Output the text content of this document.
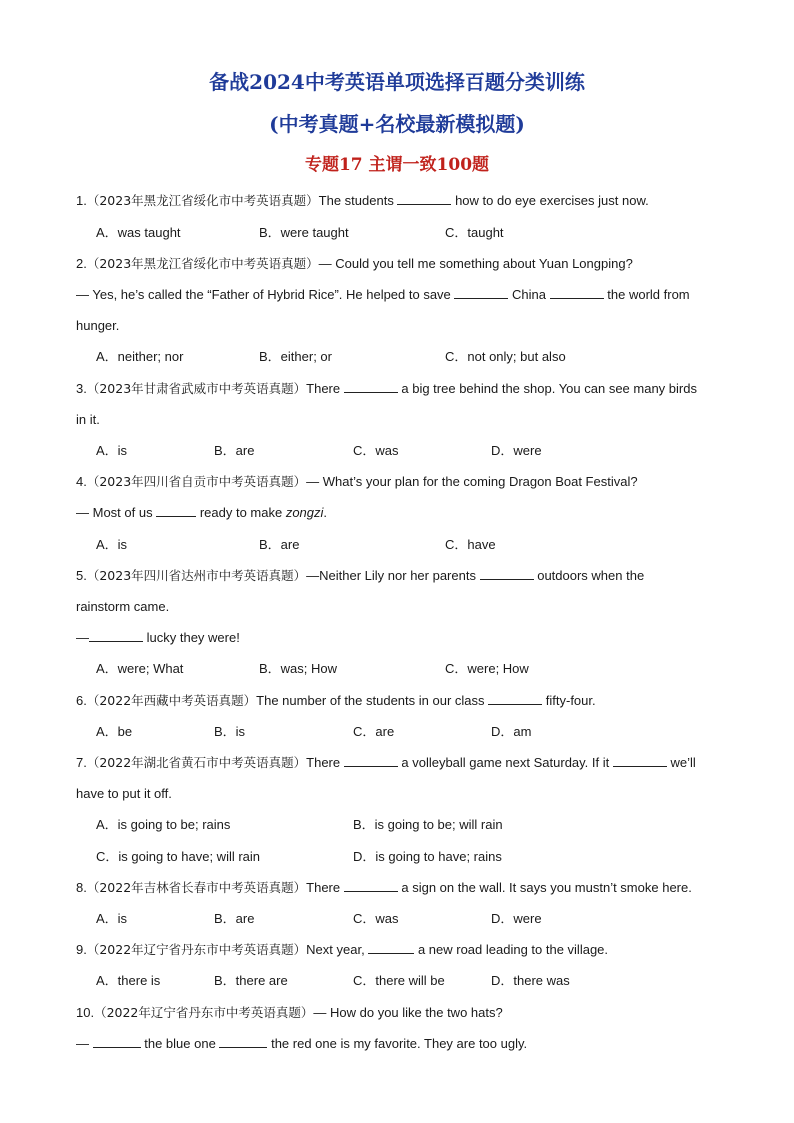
备战2024中考英语单项选择百题分类训练
(中考真题+名校最新模拟题)
专题17 主谓一致100题
1.（2023年黑龙江省绥化市中考英语真题）The students	how to do eye exercises just now.
A．was taught	B．were taught	C．taught
2.（2023年黑龙江省绥化市中考英语真题）— Could you tell me something about Yuan Longping?
— Yes, he’s called the “Father of Hybrid Rice”. He helped to save	China	the world from
hunger.
A．neither; nor	B．either; or	C．not only; but also
3.（2023年甘肃省武威市中考英语真题）There	a big tree behind the shop. You can see many birds
in it.
A．is	B．are	C．was	D．were
4.（2023年四川省自贡市中考英语真题）— What’s your plan for the coming Dragon Boat Festival?
— Most of us	ready to make zongzi.
A．is	B．are	C．have
5.（2023年四川省达州市中考英语真题）—Neither Lily nor her parents	outdoors when the
rainstorm came.
—	lucky they were!
A．were; What	B．was; How	C．were; How
6.（2022年西藏中考英语真题）The number of the students in our class	fifty-four.
A．be	B．is	C．are	D．am
7.（2022年湖北省黄石市中考英语真题）There	a volleyball game next Saturday. If it	we’ll
have to put it off.
A．is going to be; rains	B．is going to be; will rain
C．is going to have; will rain	D．is going to have; rains
8.（2022年吉林省长春市中考英语真题）There	a sign on the wall. It says you mustn’t smoke here.
A．is	B．are	C．was	D．were
9.（2022年辽宁省丹东市中考英语真题）Next year,	a new road leading to the village.
A．there is	B．there are	C．there will be	D．there was
10.（2022年辽宁省丹东市中考英语真题）— How do you like the two hats?
—	the blue one	the red one is my favorite. They are too ugly.
